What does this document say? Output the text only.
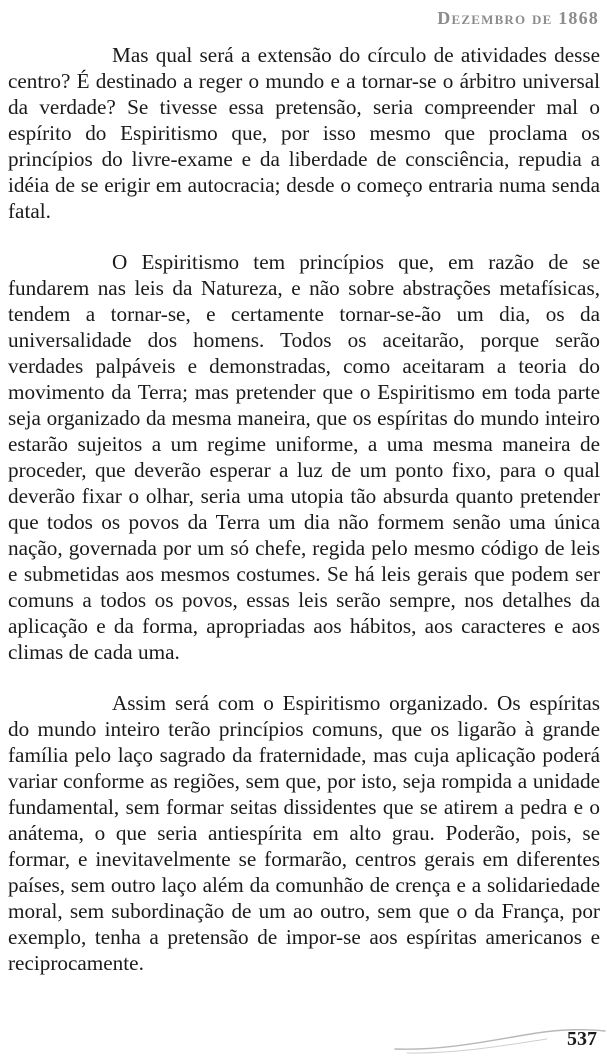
Dezembro de 1868

Mas qual será a extensão do círculo de atividades desse centro? É destinado a reger o mundo e a tornar-se o árbitro universal da verdade? Se tivesse essa pretensão, seria compreender mal o espírito do Espiritismo que, por isso mesmo que proclama os princípios do livre-exame e da liberdade de consciência, repudia a idéia de se erigir em autocracia; desde o começo entraria numa senda fatal.

O Espiritismo tem princípios que, em razão de se fundarem nas leis da Natureza, e não sobre abstrações metafísicas, tendem a tornar-se, e certamente tornar-se-ão um dia, os da universalidade dos homens. Todos os aceitarão, porque serão verdades palpáveis e demonstradas, como aceitaram a teoria do movimento da Terra; mas pretender que o Espiritismo em toda parte seja organizado da mesma maneira, que os espíritas do mundo inteiro estarão sujeitos a um regime uniforme, a uma mesma maneira de proceder, que deverão esperar a luz de um ponto fixo, para o qual deverão fixar o olhar, seria uma utopia tão absurda quanto pretender que todos os povos da Terra um dia não formem senão uma única nação, governada por um só chefe, regida pelo mesmo código de leis e submetidas aos mesmos costumes. Se há leis gerais que podem ser comuns a todos os povos, essas leis serão sempre, nos detalhes da aplicação e da forma, apropriadas aos hábitos, aos caracteres e aos climas de cada uma.

Assim será com o Espiritismo organizado. Os espíritas do mundo inteiro terão princípios comuns, que os ligarão à grande família pelo laço sagrado da fraternidade, mas cuja aplicação poderá variar conforme as regiões, sem que, por isto, seja rompida a unidade fundamental, sem formar seitas dissidentes que se atirem a pedra e o anátema, o que seria antiespírita em alto grau. Poderão, pois, se formar, e inevitavelmente se formarão, centros gerais em diferentes países, sem outro laço além da comunhão de crença e a solidariedade moral, sem subordinação de um ao outro, sem que o da França, por exemplo, tenha a pretensão de impor-se aos espíritas americanos e reciprocamente.

537
